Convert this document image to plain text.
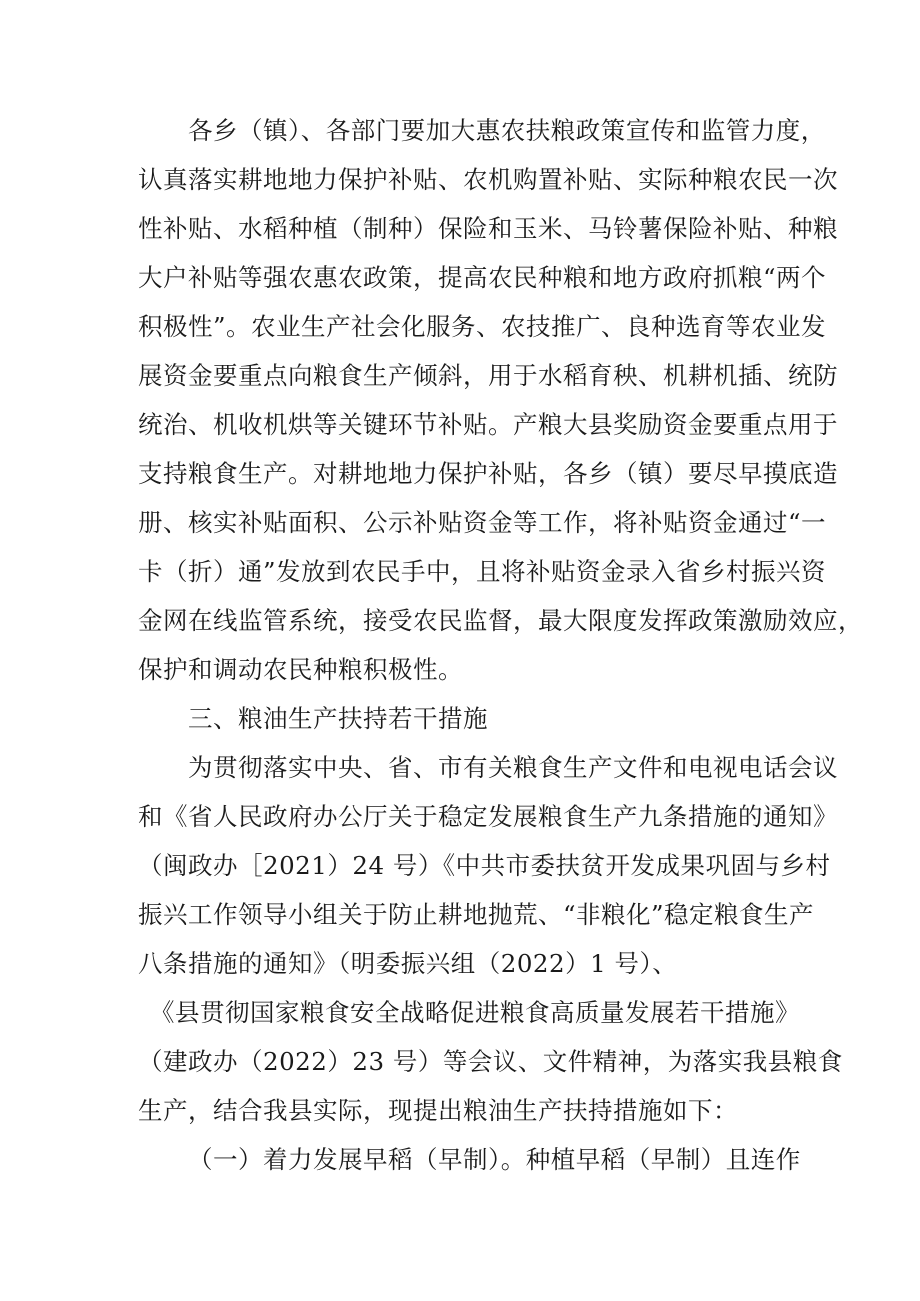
各乡（镇）、各部门要加大惠农扶粮政策宣传和监管力度，
认真落实耕地地力保护补贴、农机购置补贴、实际种粮农民一次
性补贴、水稻种植（制种）保险和玉米、马铃薯保险补贴、种粮
大户补贴等强农惠农政策，提高农民种粮和地方政府抓粮“两个
积极性”。农业生产社会化服务、农技推广、良种选育等农业发
展资金要重点向粮食生产倾斜，用于水稻育秧、机耕机插、统防
统治、机收机烘等关键环节补贴。产粮大县奖励资金要重点用于
支持粮食生产。对耕地地力保护补贴，各乡（镇）要尽早摸底造
册、核实补贴面积、公示补贴资金等工作，将补贴资金通过“一
卡（折）通”发放到农民手中，且将补贴资金录入省乡村振兴资
金网在线监管系统，接受农民监督，最大限度发挥政策激励效应，
保护和调动农民种粮积极性。
三、粮油生产扶持若干措施
为贯彻落实中央、省、市有关粮食生产文件和电视电话会议
和《省人民政府办公厅关于稳定发展粮食生产九条措施的通知》
（闽政办［2021）24 号）《中共市委扶贫开发成果巩固与乡村
振兴工作领导小组关于防止耕地抛荒、“非粮化”稳定粮食生产
八条措施的通知》（明委振兴组（2022）1 号）、
《县贯彻国家粮食安全战略促进粮食高质量发展若干措施》
（建政办（2022）23 号）等会议、文件精神，为落实我县粮食
生产，结合我县实际，现提出粮油生产扶持措施如下：
（一）着力发展早稻（早制）。种植早稻（早制）且连作
